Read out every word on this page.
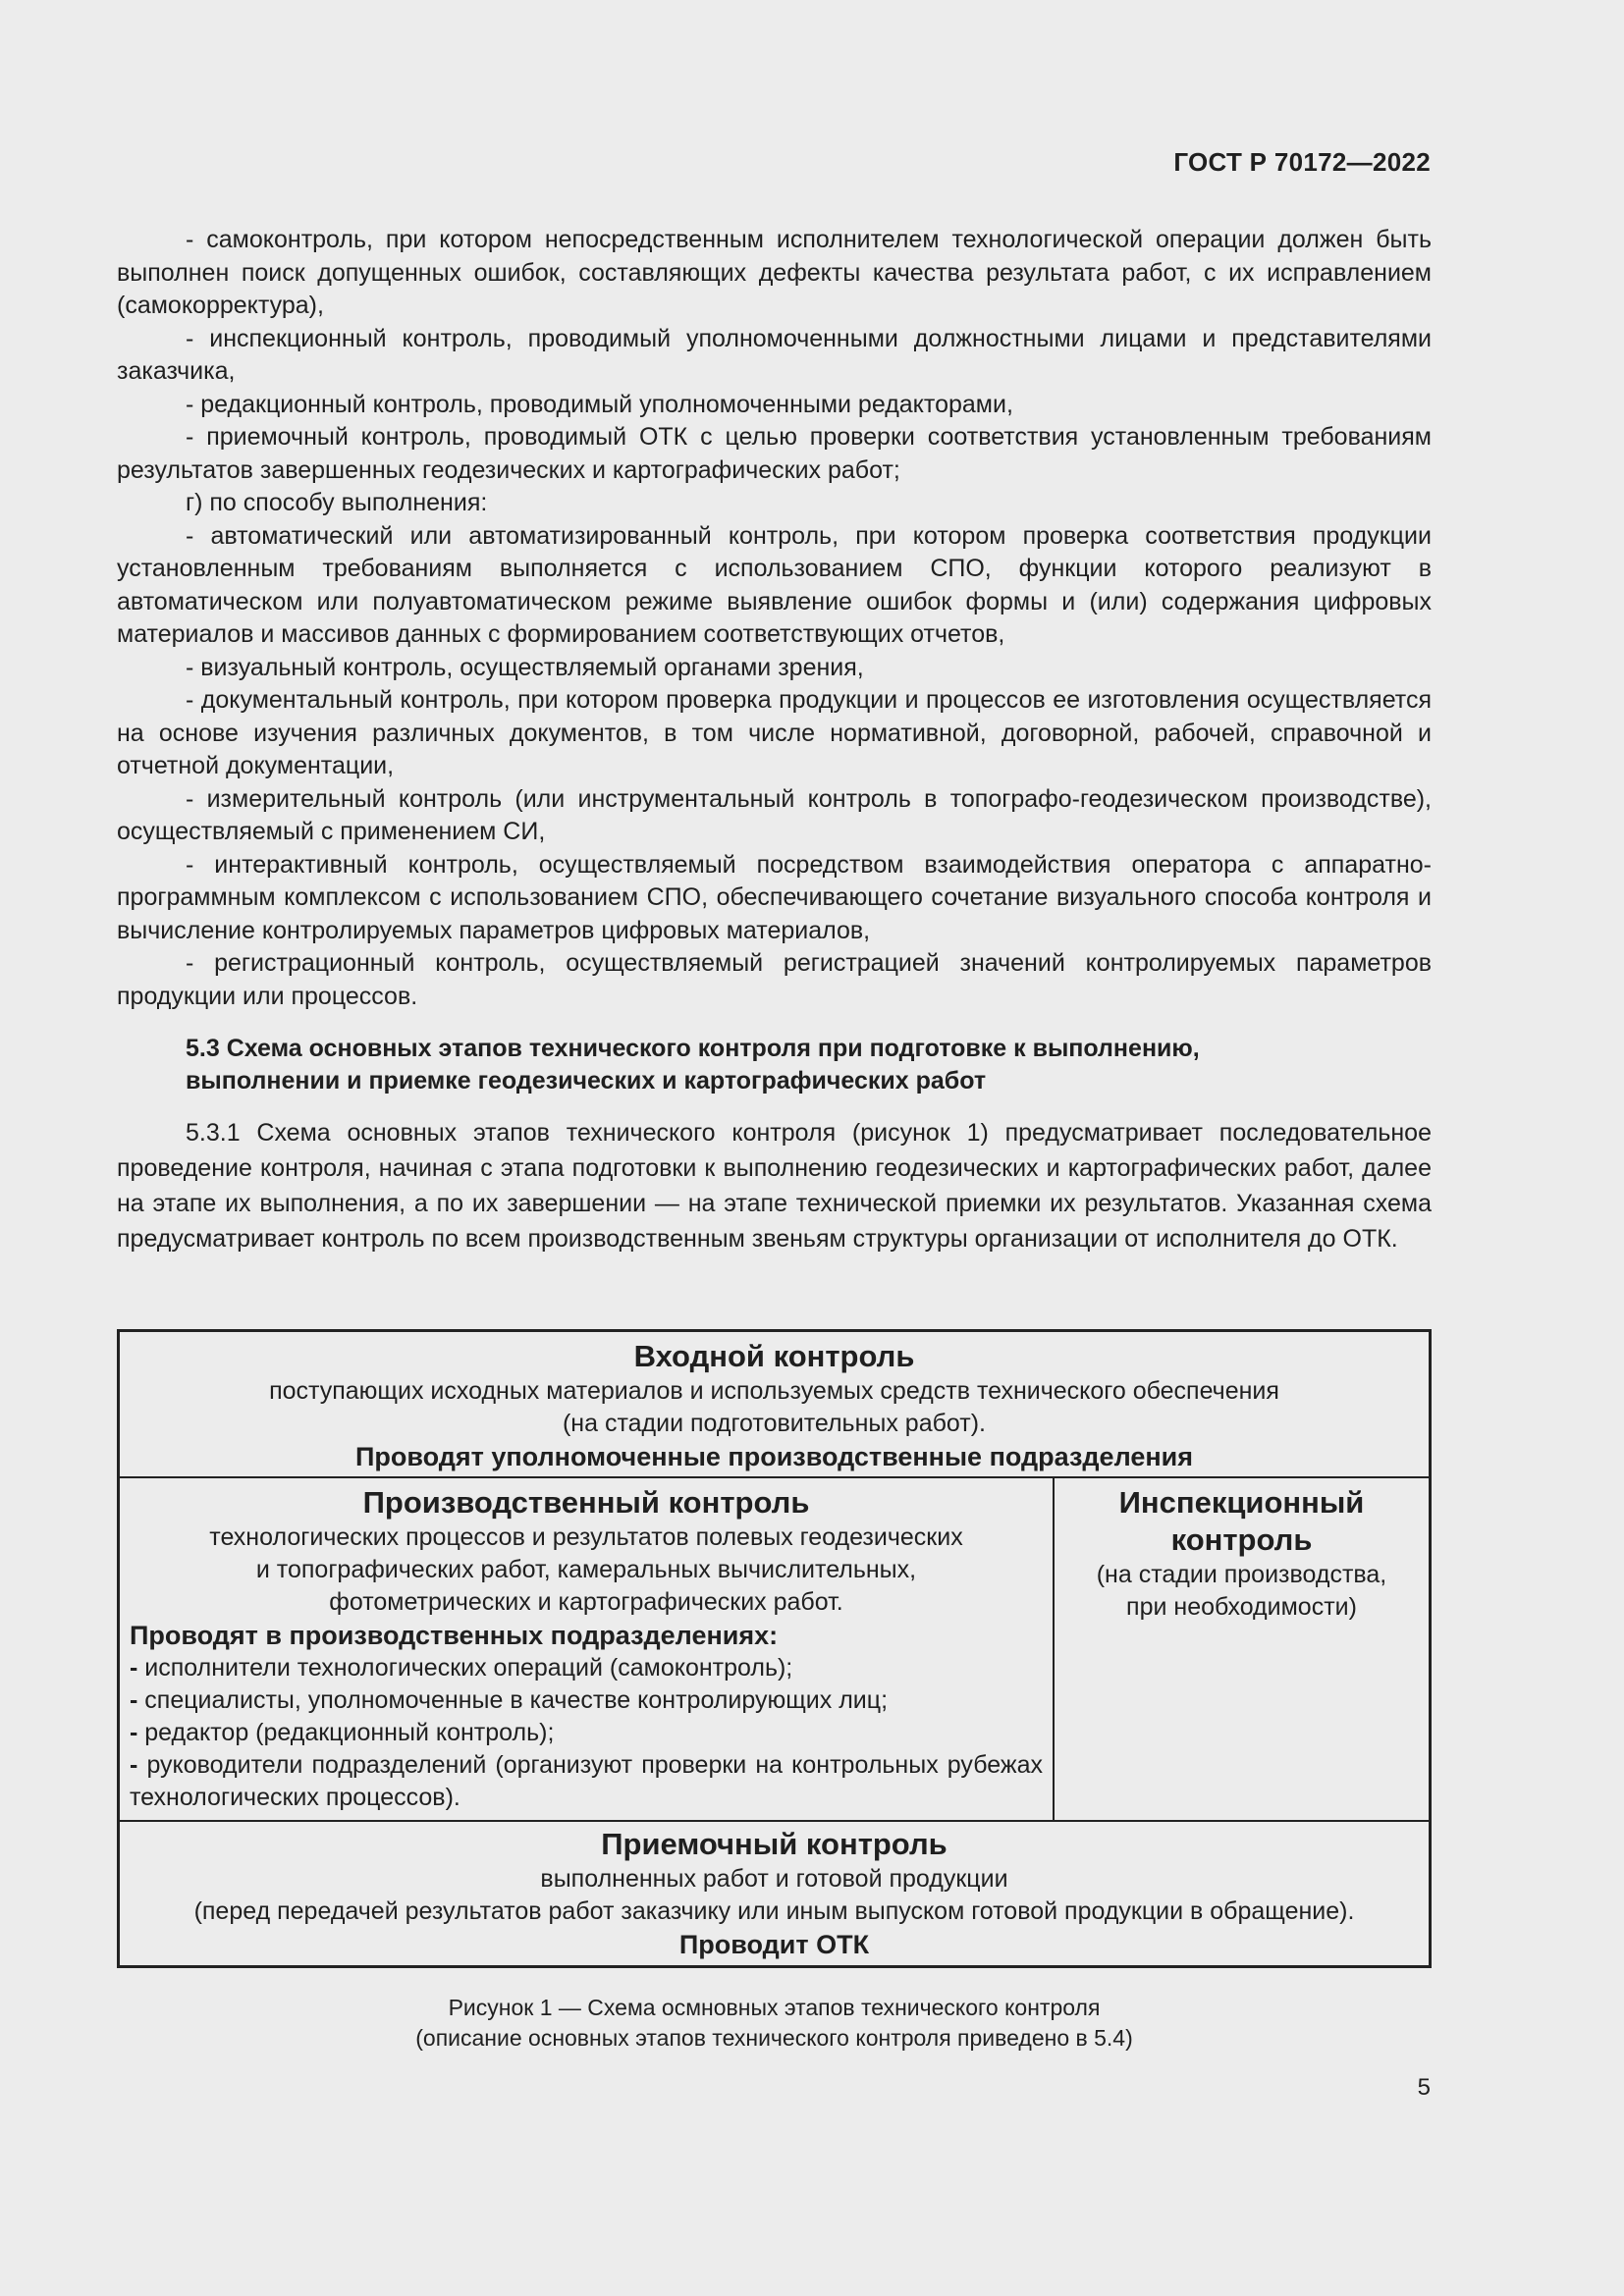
ГОСТ Р 70172—2022

- самоконтроль, при котором непосредственным исполнителем технологической операции должен быть выполнен поиск допущенных ошибок, составляющих дефекты качества результата работ, с их исправлением (самокорректура),

- инспекционный контроль, проводимый уполномоченными должностными лицами и представителями заказчика,

- редакционный контроль, проводимый уполномоченными редакторами,

- приемочный контроль, проводимый ОТК с целью проверки соответствия установленным требованиям результатов завершенных геодезических и картографических работ;

г) по способу выполнения:

- автоматический или автоматизированный контроль, при котором проверка соответствия продукции установленным требованиям выполняется с использованием СПО, функции которого реализуют в автоматическом или полуавтоматическом режиме выявление ошибок формы и (или) содержания цифровых материалов и массивов данных с формированием соответствующих отчетов,

- визуальный контроль, осуществляемый органами зрения,

- документальный контроль, при котором проверка продукции и процессов ее изготовления осуществляется на основе изучения различных документов, в том числе нормативной, договорной, рабочей, справочной и отчетной документации,

- измерительный контроль (или инструментальный контроль в топографо-геодезическом производстве), осуществляемый с применением СИ,

- интерактивный контроль, осуществляемый посредством взаимодействия оператора с аппаратно-программным комплексом с использованием СПО, обеспечивающего сочетание визуального способа контроля и вычисление контролируемых параметров цифровых материалов,

- регистрационный контроль, осуществляемый регистрацией значений контролируемых параметров продукции или процессов.

5.3 Схема основных этапов технического контроля при подготовке к выполнению,
выполнении и приемке геодезических и картографических работ

5.3.1 Схема основных этапов технического контроля (рисунок 1) предусматривает последовательное проведение контроля, начиная с этапа подготовки к выполнению геодезических и картографических работ, далее на этапе их выполнения, а по их завершении — на этапе технической приемки их результатов. Указанная схема предусматривает контроль по всем производственным звеньям структуры организации от исполнителя до ОТК.

Входной контроль
поступающих исходных материалов и используемых средств технического обеспечения
(на стадии подготовительных работ).
Проводят уполномоченные производственные подразделения
Производственный контроль
технологических процессов и результатов полевых геодезических
и топографических работ, камеральных вычислительных,
фотометрических и картографических работ.
Проводят в производственных подразделениях:
- исполнители технологических операций (самоконтроль);
- специалисты, уполномоченные в качестве контролирующих лиц;
- редактор (редакционный контроль);
- руководители подразделений (организуют проверки на контрольных рубежах технологических процессов).
Инспекционный
контроль
(на стадии производства,
при необходимости)
Приемочный контроль
выполненных работ и готовой продукции
(перед передачей результатов работ заказчику или иным выпуском готовой продукции в обращение).
Проводит ОТК
Рисунок 1 — Схема осмновных этапов технического контроля
(описание основных этапов технического контроля приведено в 5.4)
5
